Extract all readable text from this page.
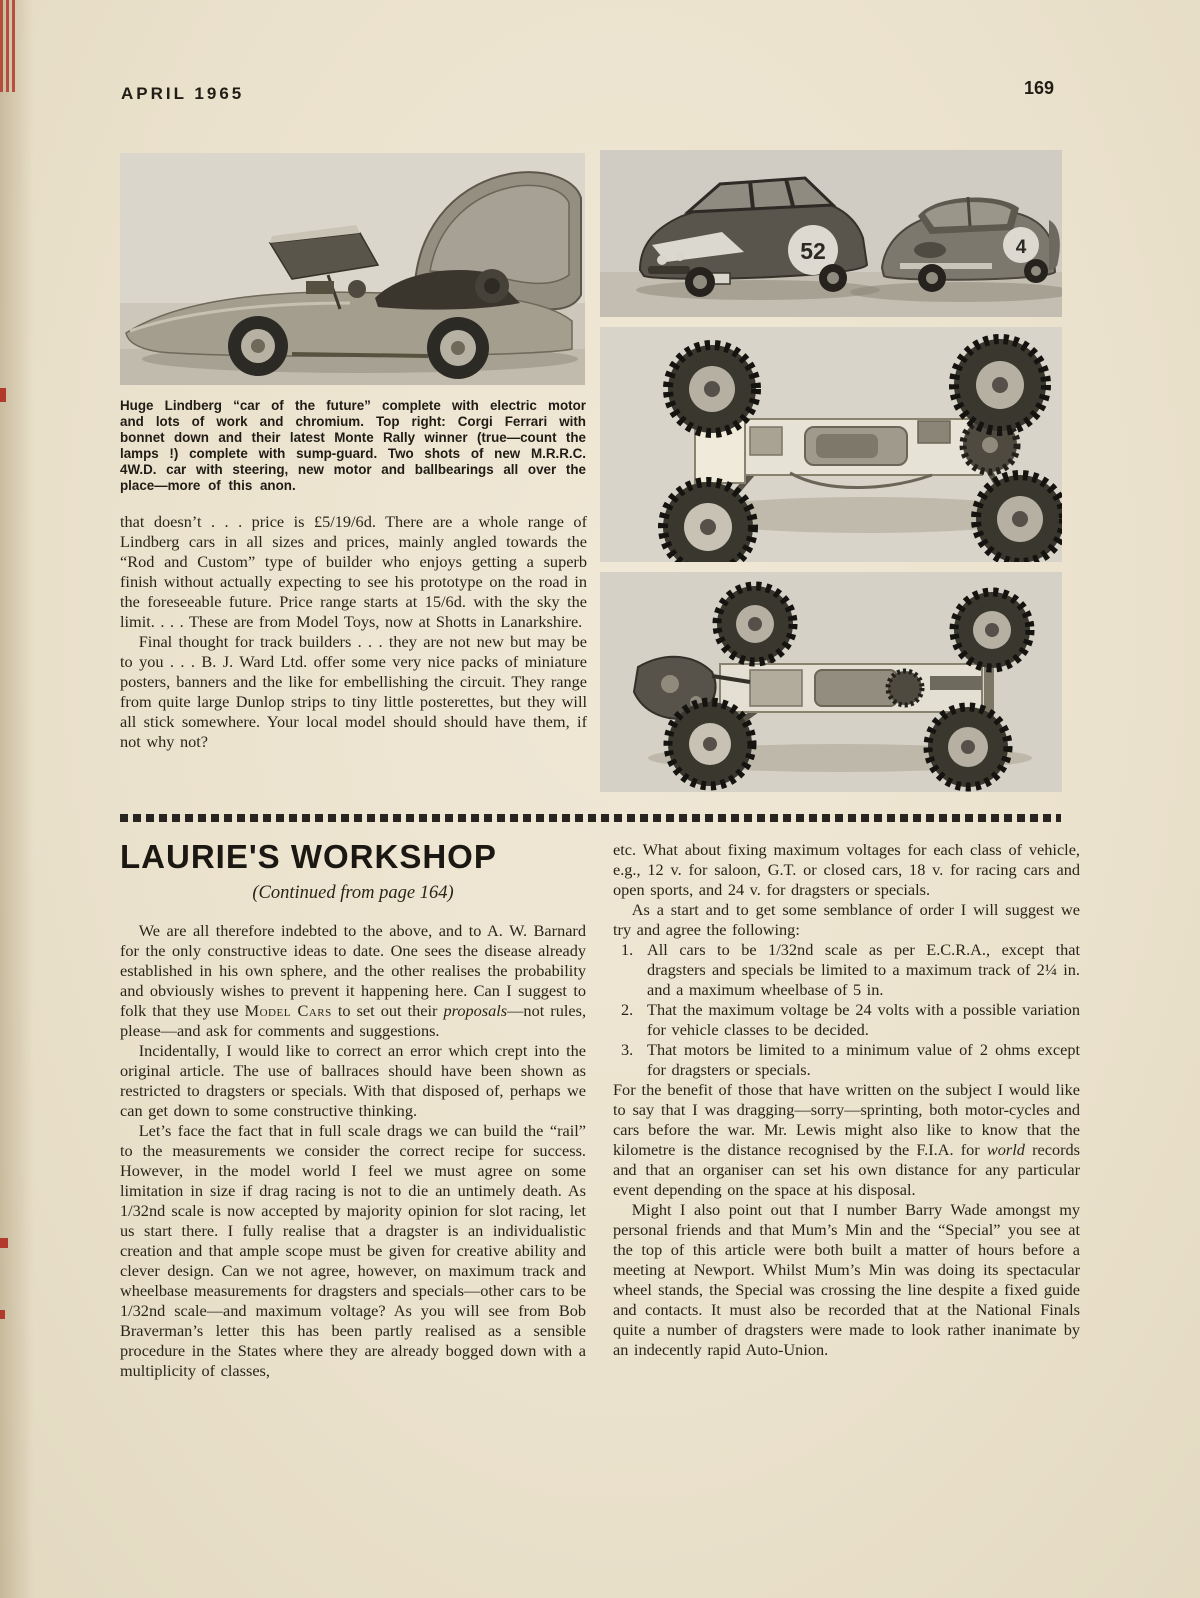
APRIL 1965	169
52	4

Huge Lindberg “car of the future” complete with electric motor and lots of work and chromium. Top right: Corgi Ferrari with bonnet down and their latest Monte Rally winner (true—count the lamps !) complete with sump-guard. Two shots of new M.R.R.C. 4W.D. car with steering, new motor and ballbearings all over the place—more of this anon.

that doesn’t . . . price is £5/19/6d. There are a whole range of Lindberg cars in all sizes and prices, mainly angled towards the “Rod and Custom” type of builder who enjoys getting a superb finish without actually expecting to see his prototype on the road in the foreseeable future. Price range starts at 15/6d. with the sky the limit. . . . These are from Model Toys, now at Shotts in Lanarkshire.

Final thought for track builders . . . they are not new but may be to you . . . B. J. Ward Ltd. offer some very nice packs of miniature posters, banners and the like for embellishing the circuit. They range from quite large Dunlop strips to tiny little posterettes, but they will all stick somewhere. Your local model should should have them, if not why not?

LAURIE'S WORKSHOP

(Continued from page 164)

We are all therefore indebted to the above, and to A. W. Barnard for the only constructive ideas to date. One sees the disease already established in his own sphere, and the other realises the probability and obviously wishes to prevent it happening here. Can I suggest to folk that they use Model Cars to set out their proposals—not rules, please—and ask for comments and suggestions.

Incidentally, I would like to correct an error which crept into the original article. The use of ballraces should have been shown as restricted to dragsters or specials. With that disposed of, perhaps we can get down to some constructive thinking.

Let’s face the fact that in full scale drags we can build the “rail” to the measurements we consider the correct recipe for success. However, in the model world I feel we must agree on some limitation in size if drag racing is not to die an untimely death. As 1/32nd scale is now accepted by majority opinion for slot racing, let us start there. I fully realise that a dragster is an individualistic creation and that ample scope must be given for creative ability and clever design. Can we not agree, however, on maximum track and wheelbase measurements for dragsters and specials—other cars to be 1/32nd scale—and maximum voltage? As you will see from Bob Braverman’s letter this has been partly realised as a sensible procedure in the States where they are already bogged down with a multiplicity of classes,

etc. What about fixing maximum voltages for each class of vehicle, e.g., 12 v. for saloon, G.T. or closed cars, 18 v. for racing cars and open sports, and 24 v. for dragsters or specials.

As a start and to get some semblance of order I will suggest we try and agree the following:

1. All cars to be 1/32nd scale as per E.C.R.A., except that dragsters and specials be limited to a maximum track of 2¼ in. and a maximum wheelbase of 5 in.
2. That the maximum voltage be 24 volts with a possible variation for vehicle classes to be decided.
3. That motors be limited to a minimum value of 2 ohms except for dragsters or specials.

For the benefit of those that have written on the subject I would like to say that I was dragging—sorry—sprinting, both motor-cycles and cars before the war. Mr. Lewis might also like to know that the kilometre is the distance recognised by the F.I.A. for world records and that an organiser can set his own distance for any particular event depending on the space at his disposal.

Might I also point out that I number Barry Wade amongst my personal friends and that Mum’s Min and the “Special” you see at the top of this article were both built a matter of hours before a meeting at Newport. Whilst Mum’s Min was doing its spectacular wheel stands, the Special was crossing the line despite a fixed guide and contacts. It must also be recorded that at the National Finals quite a number of dragsters were made to look rather inanimate by an indecently rapid Auto-Union.
